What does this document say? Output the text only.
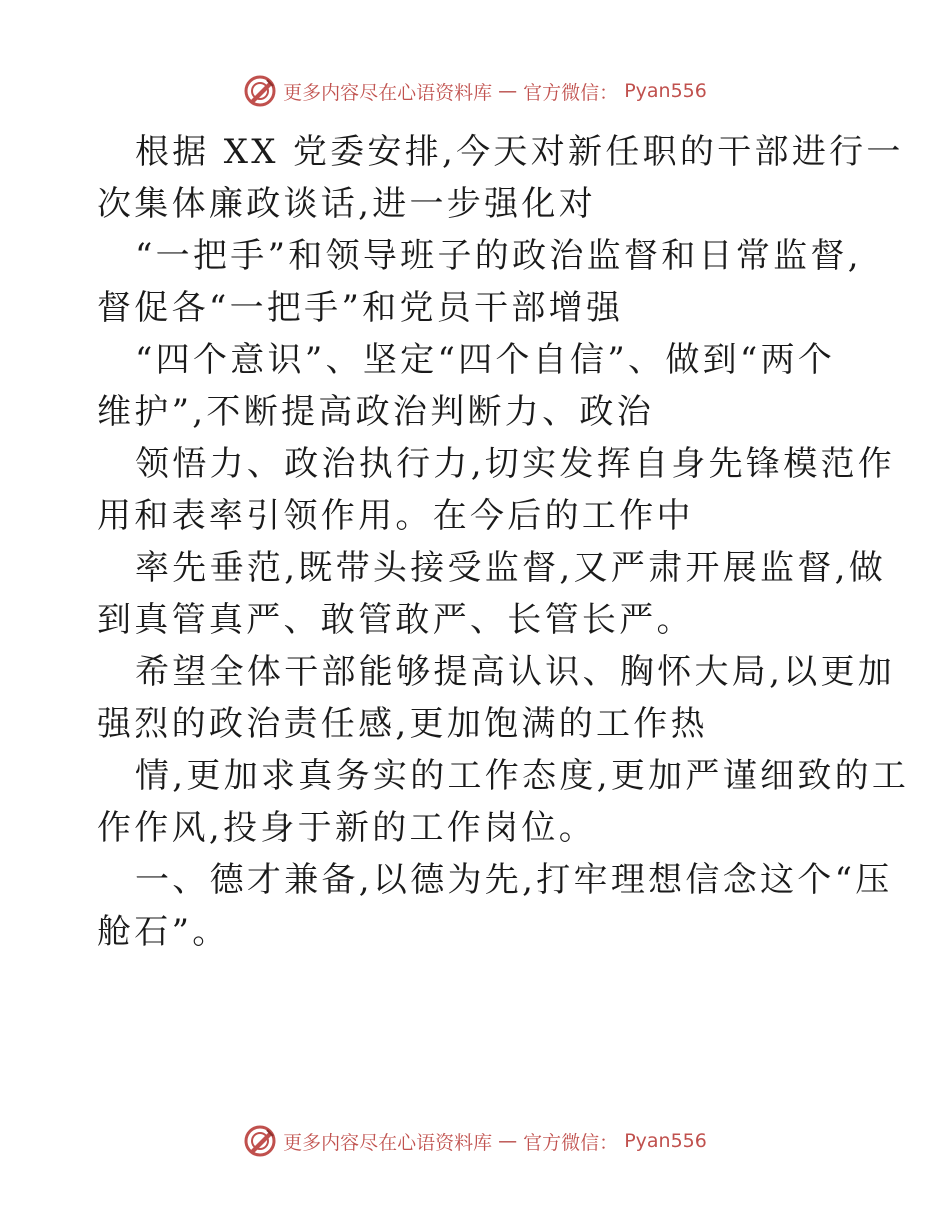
更多内容尽在心语资料库 — 官方微信： Pyan556

根据 XX 党委安排,今天对新任职的干部进行一

次集体廉政谈话,进一步强化对

“一把手”和领导班子的政治监督和日常监督,

督促各“一把手”和党员干部增强

“四个意识”、坚定“四个自信”、做到“两个

维护”,不断提高政治判断力、政治

领悟力、政治执行力,切实发挥自身先锋模范作

用和表率引领作用。在今后的工作中

率先垂范,既带头接受监督,又严肃开展监督,做

到真管真严、敢管敢严、长管长严。

希望全体干部能够提高认识、胸怀大局,以更加

强烈的政治责任感,更加饱满的工作热

情,更加求真务实的工作态度,更加严谨细致的工

作作风,投身于新的工作岗位。

一、德才兼备,以德为先,打牢理想信念这个“压

舱石”。

更多内容尽在心语资料库 — 官方微信： Pyan556
